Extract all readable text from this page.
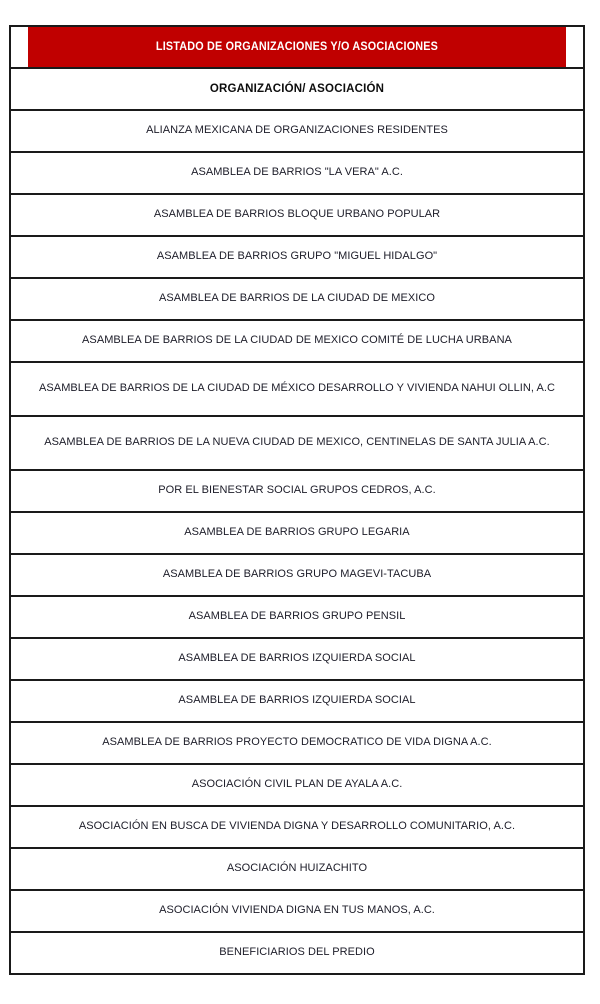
LISTADO DE ORGANIZACIONES Y/O ASOCIACIONES
ORGANIZACIÓN/ ASOCIACIÓN

ALIANZA MEXICANA DE ORGANIZACIONES RESIDENTES

ASAMBLEA DE BARRIOS "LA VERA" A.C.

ASAMBLEA DE BARRIOS BLOQUE URBANO POPULAR

ASAMBLEA DE BARRIOS GRUPO "MIGUEL HIDALGO"

ASAMBLEA DE BARRIOS DE LA CIUDAD DE MEXICO

ASAMBLEA DE BARRIOS DE LA CIUDAD DE MEXICO COMITÉ DE LUCHA URBANA

ASAMBLEA DE BARRIOS DE LA CIUDAD DE MÉXICO DESARROLLO Y VIVIENDA NAHUI OLLIN, A.C

ASAMBLEA DE BARRIOS DE LA NUEVA CIUDAD DE MEXICO, CENTINELAS DE SANTA JULIA A.C.

POR EL BIENESTAR SOCIAL GRUPOS CEDROS, A.C.

ASAMBLEA DE BARRIOS GRUPO LEGARIA

ASAMBLEA DE BARRIOS GRUPO MAGEVI-TACUBA

ASAMBLEA DE BARRIOS GRUPO PENSIL

ASAMBLEA DE BARRIOS IZQUIERDA SOCIAL

ASAMBLEA DE BARRIOS IZQUIERDA SOCIAL

ASAMBLEA DE BARRIOS PROYECTO DEMOCRATICO DE VIDA DIGNA A.C.

ASOCIACIÓN CIVIL PLAN DE AYALA A.C.

ASOCIACIÓN EN BUSCA DE VIVIENDA DIGNA Y DESARROLLO COMUNITARIO, A.C.

ASOCIACIÓN HUIZACHITO

ASOCIACIÓN VIVIENDA DIGNA EN TUS MANOS, A.C.

BENEFICIARIOS DEL PREDIO
